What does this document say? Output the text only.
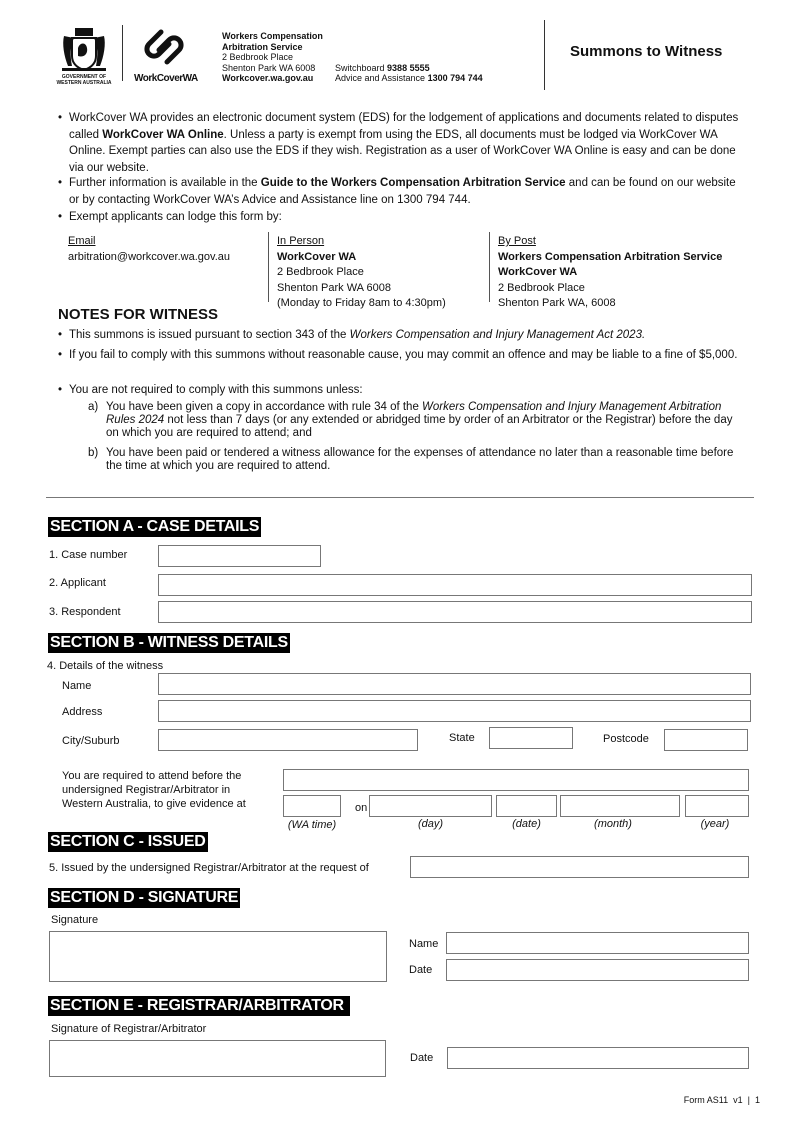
GOVERNMENT OF
WESTERN AUSTRALIA	WorkCoverWA
Workers Compensation
Arbitration Service
2 Bedbrook Place
Shenton Park WA 6008 Switchboard 9388 5555
Workcover.wa.gov.au Advice and Assistance 1300 794 744
Summons to Witness
• WorkCover WA provides an electronic document system (EDS) for the lodgement of applications and documents related to disputes called WorkCover WA Online. Unless a party is exempt from using the EDS, all documents must be lodged via WorkCover WA Online. Exempt parties can also use the EDS if they wish. Registration as a user of WorkCover WA Online is easy and can be done via our website.
• Further information is available in the Guide to the Workers Compensation Arbitration Service and can be found on our website or by contacting WorkCover WA’s Advice and Assistance line on 1300 794 744.
• Exempt applicants can lodge this form by:
Email
arbitration@workcover.wa.gov.au
In Person
WorkCover WA
2 Bedbrook Place
Shenton Park WA 6008
(Monday to Friday 8am to 4:30pm)
By Post
Workers Compensation Arbitration Service
WorkCover WA
2 Bedbrook Place
Shenton Park WA, 6008
NOTES FOR WITNESS
• This summons is issued pursuant to section 343 of the Workers Compensation and Injury Management Act 2023.
• If you fail to comply with this summons without reasonable cause, you may commit an offence and may be liable to a fine of $5,000.
• You are not required to comply with this summons unless:
a) You have been given a copy in accordance with rule 34 of the Workers Compensation and Injury Management Arbitration Rules 2024 not less than 7 days (or any extended or abridged time by order of an Arbitrator or the Registrar) before the day on which you are required to attend; and
b) You have been paid or tendered a witness allowance for the expenses of attendance no later than a reasonable time before the time at which you are required to attend.
SECTION A - CASE DETAILS
1. Case number
2. Applicant
3. Respondent
SECTION B - WITNESS DETAILS
4. Details of the witness
Name
Address
City/Suburb	State	Postcode
You are required to attend before the
undersigned Registrar/Arbitrator in
Western Australia, to give evidence at	on
(WA time)	(day)	(date)	(month)	(year)
SECTION C - ISSUED
5. Issued by the undersigned Registrar/Arbitrator at the request of
SECTION D - SIGNATURE
Signature
Name
Date
SECTION E - REGISTRAR/ARBITRATOR
Signature of Registrar/Arbitrator
Date
Form AS11 v1 | 1
